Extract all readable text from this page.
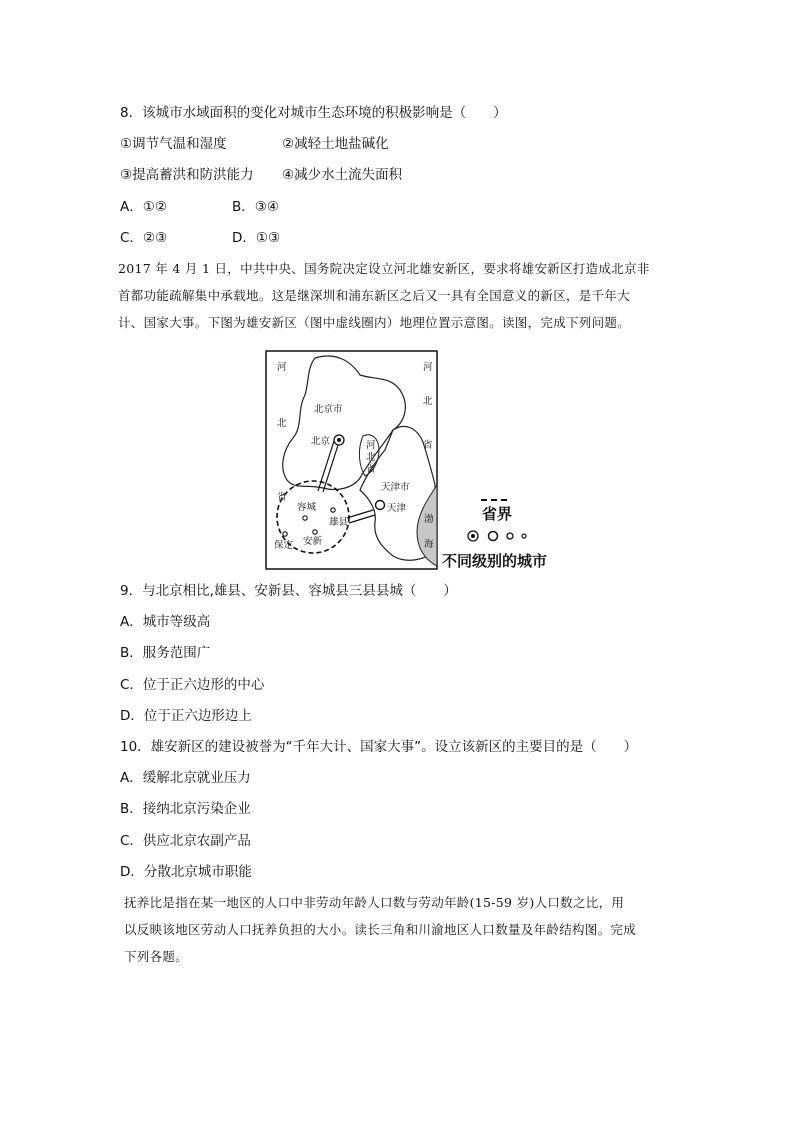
8．该城市水域面积的变化对城市生态环境的积极影响是（　　）
①调节气温和湿度	②减轻土地盐碱化
③提高蓄洪和防洪能力 ④减少水土流失面积
A．①②	B．③④
C．②③	D．①③
2017 年 4 月 1 日，中共中央、国务院决定设立河北雄安新区，要求将雄安新区打造成北京非
首都功能疏解集中承载地。这是继深圳和浦东新区之后又一具有全国意义的新区，是千年大
计、国家大事。下图为雄安新区（图中虚线圈内）地理位置示意图。读图，完成下列问题。
河
北
省
河
北
省
北京市
北京	河
北
省
天津市
天津
容城
雄县
安新
保定
渤
海
省界
不同级别的城市
9．与北京相比,雄县、安新县、容城县三县县城（　　）
A．城市等级高
B．服务范围广
C．位于正六边形的中心
D．位于正六边形边上
10．雄安新区的建设被誉为“千年大计、国家大事”。设立该新区的主要目的是（　　）
A．缓解北京就业压力
B．接纳北京污染企业
C．供应北京农副产品
D．分散北京城市职能
抚养比是指在某一地区的人口中非劳动年龄人口数与劳动年龄(15-59 岁)人口数之比，用
以反映该地区劳动人口抚养负担的大小。读长三角和川渝地区人口数量及年龄结构图。完成
下列各题。
